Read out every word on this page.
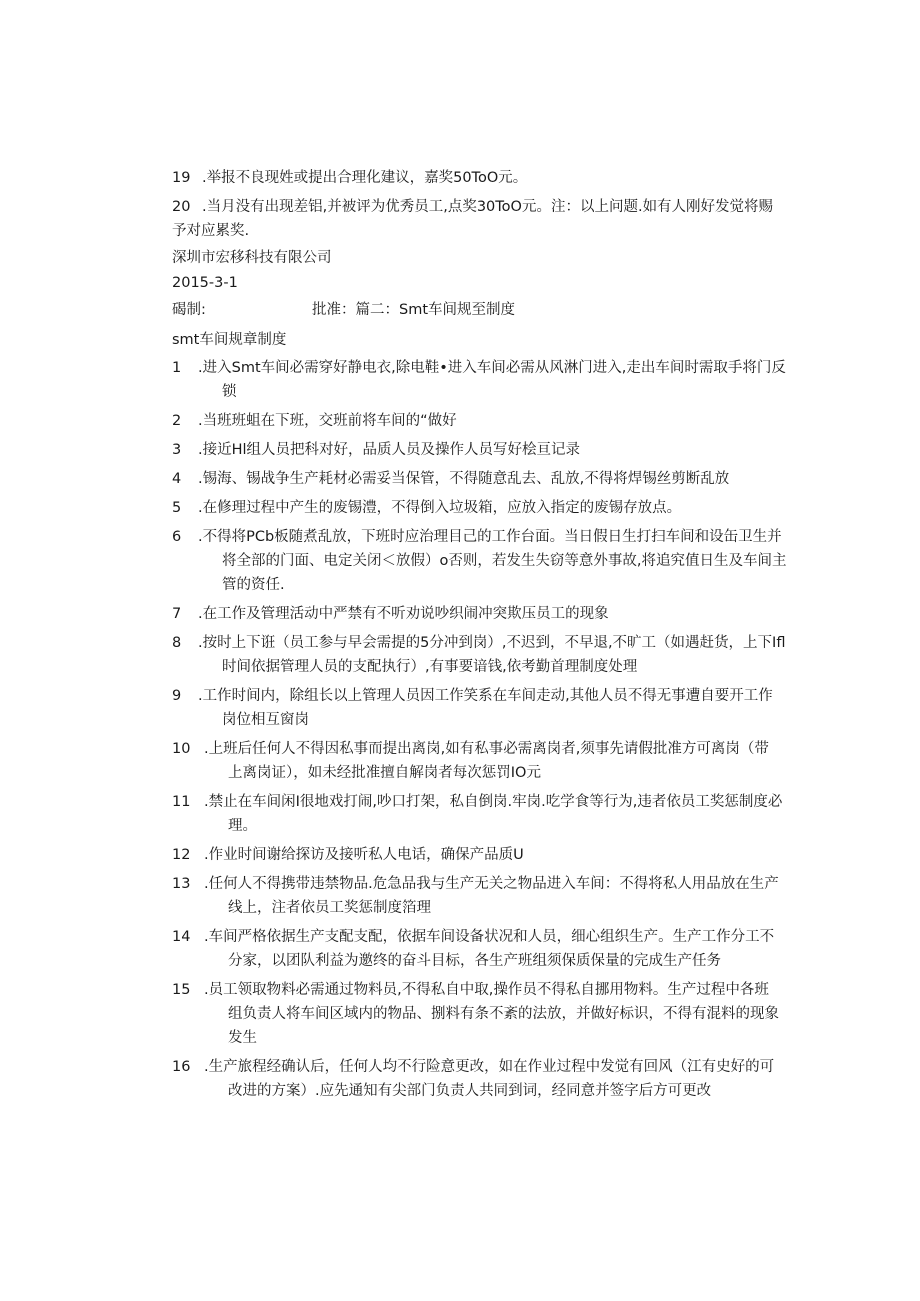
19 .举报不良现姓或提出合理化建议，嘉奖50ToO元。
20 .当月没有出现差铝,并被评为优秀员工,点奖30ToO元。注：以上问题.如有人刚好发觉将赐
予对应累奖.
深圳市宏移科技有限公司
2015-3-1
碣制:	批准：篇二：Smt车间规至制度
smt车间规章制度
1	.进入Smt车间必需穿好静电衣,除电鞋•进入车间必需从风淋门进入,走出车间时需取手将门反
锁
2	.当班班蛆在下班，交班前将车间的“做好
3	.接近Hl组人员把科对好，品质人员及操作人员写好桧亘记录
4	.锡海、锡战争生产耗材必需妥当保管，不得随意乱去、乱放,不得将焊锡丝剪断乱放
5	.在修理过程中产生的废锡澧，不得倒入垃圾箱，应放入指定的废锡存放点。
6	.不得将PCb板随煮乱放，下班时应治理目己的工作台面。当日假日生打扫车间和设缶卫生并
将全部的门面、电定关闭＜放假）o否则，若发生失窃等意外事故,将追究值日生及车间主
管的资任.
7	.在工作及管理活动中严禁有不听劝说吵织闹冲突欺压员工的现象
8	.按时上下诳（员工参与早会需提的5分冲到岗）,不迟到，不早退,不旷工（如遇赶货，上下Ifl
时间依据管理人员的支配执行）,有事要谙钱,依考勤首理制度处理
9	.工作时间内，除组长以上管理人员因工作笑系在车间走动,其他人员不得无事遭自要开工作
岗位相互窗岗
10 .上班后任何人不得因私事而提出离岗,如有私事必需离岗者,须事先请假批准方可离岗（带
上离岗证），如未经批准擅自解岗者每次惩罚IO元
11 .禁止在车间闲I很地戏打闹,吵口打架，私自倒岗.牢岗.吃学食等行为,违者依员工奖惩制度必
理。
12 .作业时间谢给探访及接听私人电话，确保产品质U
13 .任何人不得携带违禁物品.危急品我与生产无关之物品进入车间：不得将私人用品放在生产
线上，注者依员工奖惩制度箔理
14 .车间严格依据生产支配支配，依据车间设备状况和人员，细心组织生产。生产工作分工不
分家，以团队利益为邀终的奋斗目标，各生产班组须保质保量的完成生产任务
15 .员工领取物料必需通过物料员,不得私自中取,操作员不得私自挪用物料。生产过程中各班
组负责人将车间区域内的物品、捌料有条不紊的法放，并做好标识，不得有混料的现象
发生
16 .生产旅程经确认后，任何人均不行险意更改，如在作业过程中发觉有回风（江有史好的可
改进的方案）.应先通知有尖部门负责人共同到词，经同意并签字后方可更改
